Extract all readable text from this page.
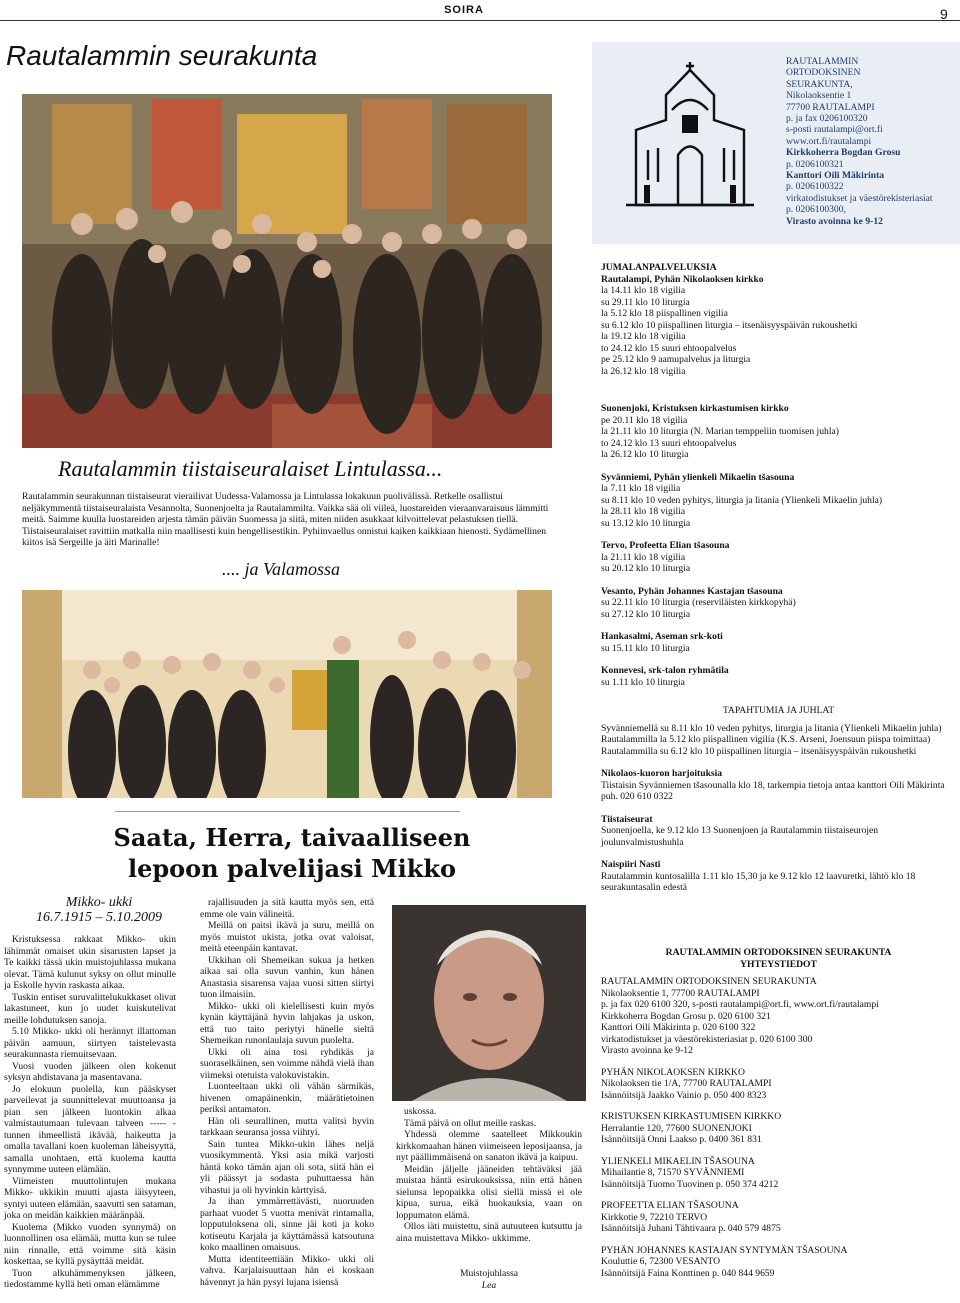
9
SOIRA
Rautalammin seurakunta	RAUTALAMMIN
ORTODOKSINEN
SEURAKUNTA,
Nikolaoksentie 1
77700 RAUTALAMPI
p. ja fax 0206100320
s-posti rautalampi@ort.fi
www.ort.fi/rautalampi
Kirkkoherra Bogdan Grosu
p. 0206100321
Kanttori Oili Mäkirinta
p. 0206100322
virkatodistukset ja väestörekisteriasiat
p. 0206100300,
Virasto avoinna ke 9-12
Rautalammin tiistaiseuralaiset Lintulassa...
Rautalammin seurakunnan tiistaiseurat vierailivat Uudessa-Valamossa ja Lintulassa lokakuun puolivälissä. Retkelle osallistui neljäkymmentä tiistaiseuralaista Vesannolta, Suonenjoelta ja Rautalammilta. Vaikka sää oli viileä, luostareiden vieraanvaraisuus lämmitti meitä. Saimme kuulla luostareiden arjesta tämän päivän Suomessa ja siitä, miten niiden asukkaat kilvoittelevat pelastuksen tiellä. Tiistaiseuralaiset ravittiin matkalla niin maallisesti kuin hengellisestikin. Pyhiinvaellus onnistui kaiken kaikkiaan hienosti. Sydämellinen kiitos isä Sergeille ja äiti Marinalle!
.... ja Valamossa
JUMALANPALVELUKSIA
Rautalampi, Pyhän Nikolaoksen kirkko
la 14.11 klo 18 vigilia
su 29.11 klo 10 liturgia
la 5.12 klo 18 piispallinen vigilia
su 6.12 klo 10 piispallinen liturgia – itsenäisyyspäivän rukoushetki
la 19.12 klo 18 vigilia
to 24.12 klo 15 suuri ehtoopalvelus
pe 25.12 klo 9 aamupalvelus ja liturgia
la 26.12 klo 18 vigilia
Suonenjoki, Kristuksen kirkastumisen kirkko
pe 20.11 klo 18 vigilia
la 21.11 klo 10 liturgia (N. Marian temppeliin tuomisen juhla)
to 24.12 klo 13 suuri ehtoopalvelus
la 26.12 klo 10 liturgia
Syvänniemi, Pyhän ylienkeli Mikaelin tšasouna
la 7.11 klo 18 vigilia
su 8.11 klo 10 veden pyhitys, liturgia ja litania (Ylienkeli Mikaelin juhla)
la 28.11 klo 18 vigilia
su 13.12 klo 10 liturgia
Tervo, Profeetta Elian tšasouna
la 21.11 klo 18 vigilia
su 20.12 klo 10 liturgia
Vesanto, Pyhän Johannes Kastajan tšasouna
su 22.11 klo 10 liturgia (reserviläisten kirkkopyhä)
su 27.12 klo 10 liturgia
Hankasalmi, Aseman srk-koti
su 15.11 klo 10 liturgia
Konnevesi, srk-talon ryhmätila
su 1.11 klo 10 liturgia
TAPAHTUMIA JA JUHLAT
Syvänniemellä su 8.11 klo 10 veden pyhitys, liturgia ja litania (Ylienkeli Mikaelin juhla)
Rautalammilla la 5.12 klo piispallinen vigilia (K.S. Arseni, Joensuun piispa toimittaa)
Rautalammilla su 6.12 klo 10 piispallinen liturgia – itsenäisyyspäivän rukoushetki
Nikolaos-kuoron harjoituksia
Tiistaisin Syvänniemen tšasounalla klo 18, tarkempia tietoja antaa kanttori Oili Mäkirinta puh. 020 610 0322
Tiistaiseurat
Suonenjoella, ke 9.12 klo 13 Suonenjoen ja Rautalammin tiistaiseurojen joulunvalmistushuhla
Naispiiri Nasti
Rautalammin kuntosalilla 1.11 klo 15,30 ja ke 9.12 klo 12 laavuretki, lähtö klo 18 seurakuntasalin edestä
RAUTALAMMIN ORTODOKSINEN SEURAKUNTA YHTEYSTIEDOT
RAUTALAMMIN ORTODOKSINEN SEURAKUNTA
Nikolaoksentie 1, 77700 RAUTALAMPI
p. ja fax 020 6100 320, s-posti rautalampi@ort.fi, www.ort.fi/rautalampi
Kirkkoherra Bogdan Grosu p. 020 6100 321
Kanttori Oili Mäkirinta p. 020 6100 322
virkatodistukset ja väestörekisteriasiat p. 020 6100 300
Virasto avoinna ke 9-12
PYHÄN NIKOLAOKSEN KIRKKO
Nikolaoksen tie 1/A, 77700 RAUTALAMPI
Isännöitsijä Jaakko Vainio p. 050 400 8323
KRISTUKSEN KIRKASTUMISEN KIRKKO
Herralantie 120, 77600 SUONENJOKI
Isännöitsijä Onni Laakso p. 0400 361 831
YLIENKELI MIKAELIN TŠASOUNA
Mihailantie 8, 71570 SYVÄNNIEMI
Isännöitsijä Tuomo Tuovinen p. 050 374 4212
PROFEETTA ELIAN TŠASOUNA
Kirkkotie 9, 72210 TERVO
Isännöitsijä Juhani Tähtivaara p. 040 579 4875
PYHÄN JOHANNES KASTAJAN SYNTYMÄN TŠASOUNA
Kouluttie 6, 72300 VESANTO
Isännöitsijä Faina Konttinen p. 040 844 9659
Saata, Herra, taivaalliseen
lepoon palvelijasi Mikko
Mikko- ukki
16.7.1915 – 5.10.2009

Kristuksessa rakkaat Mikko- ukin lähimmät omaiset ukin sisarusten lapset ja Te kaikki tässä ukin muistojuhlassa mukana olevat. Tämä kulunut syksy on ollut minulle ja Eskolle hyvin raskasta aikaa.

Tuskin entiset suruvalittelukukkaset olivat lakastuneet, kun jo uudet kuiskutelivat meille lohdutuksen sanoja.

5.10 Mikko- ukki oli herännyt illattoman päivän aamuun, siirtyen taistelevasta seurakunnasta riemuitsevaan.

Vuosi vuoden jälkeen olen kokenut syksyn ahdistavana ja masentavana.

Jo elokuun puolella, kun pääskyset parveilevat ja suunnittelevat muuttoansa ja pian sen jälkeen luontokin alkaa valmistautumaan tulevaan talveen ----- - tunnen ihmeellistä ikävää, haikeutta ja omalla tavallani koen kuoleman läheisyyttä, samalla unohtaen, että kuolema kautta synnymme uuteen elämään.

Viimeisten muuttolintujen mukana Mikko- ukkikin muutti ajasta iäisyyteen, syntyi uuteen elämään, saavutti sen sataman, joka on meidän kaikkien määränpää.

Kuolema (Mikko vuoden synnymä) on luonnollinen osa elämää, mutta kun se tulee niin rinnalle, että voimme sitä käsin koskettaa, se kyllä pysäyttää meidät.

Tuon alkuhämmenyksen jälkeen, tiedostamme kyllä heti oman elämämme

rajallisuuden ja sitä kautta myös sen, että emme ole vain välineitä.

Meillä on paitsi ikävä ja suru, meillä on myös muistot ukista, jotka ovat valoisat, meitä eteenpäin kantavat.

Ukkihan oli Shemeikan sukua ja hetken aikaa sai olla suvun vanhin, kun hänen Anastasia sisarensa vajaa vuosi sitten siirtyi tuon ilmaisiin.

Mikko- ukki oli kielellisesti kuin myös kynän käyttäjänä hyvin lahjakas ja uskon, että tuo taito periytyi hänelle sieltä Shemeikan runonlaulaja suvun puolelta.

Ukki oli aina tosi ryhdikäs ja suoraselkäinen, sen voimme nähdä vielä ihan viimeksi otetuista valokuvistakin.

Luonteeltaan ukki oli vähän särmikäs, hivenen omapäinenkin, määrätietoinen periksi antamaton.

Hän oli seurallinen, mutta valitsi hyvin tarkkaan seuransa jossa viihtyi.

Sain tuntea Mikko-ukin lähes neljä vuosikymmentä. Yksi asia mikä varjosti häntä koko tämän ajan oli sota, siitä hän ei yli päässyt ja sodasta puhuttaessa hän vihastui ja oli hyvinkin kärttyisä.

Ja ihan ymmärrettävästi, nuoruuden parhaat vuodet 5 vuotta menivät rintamalla, lopputuloksena oli, sinne jäi koti ja koko kotiseutu Karjala ja käyttämässä katsoutuna koko maallinen omaisuus.

Mutta identiteettiään Mikko- ukki oli vahva. Karjalaisuuttaan hän ei koskaan hävennyt ja hän pysyi lujana isiensä

uskossa.

Tämä päivä on ollut meille raskas.

Yhdessä olemme saatelleet Mikkoukin kirkkomaahan hänen viimeiseen leposijaansa, ja nyt päällimmäisenä on sanaton ikävä ja kaipuu.

Meidän jäljelle jääneiden tehtäväksi jää muistaa häntä esirukouksissa, niin että hänen sielunsa lepopaikka olisi siellä missä ei ole kipua, suruа, eikä huokauksia, vaan on loppumaton elämä.

Ollos iäti muistettu, sinä autuuteen kutsuttu ja aina muistettava Mikko- ukkimme.

Muistojuhlassa
Lea
